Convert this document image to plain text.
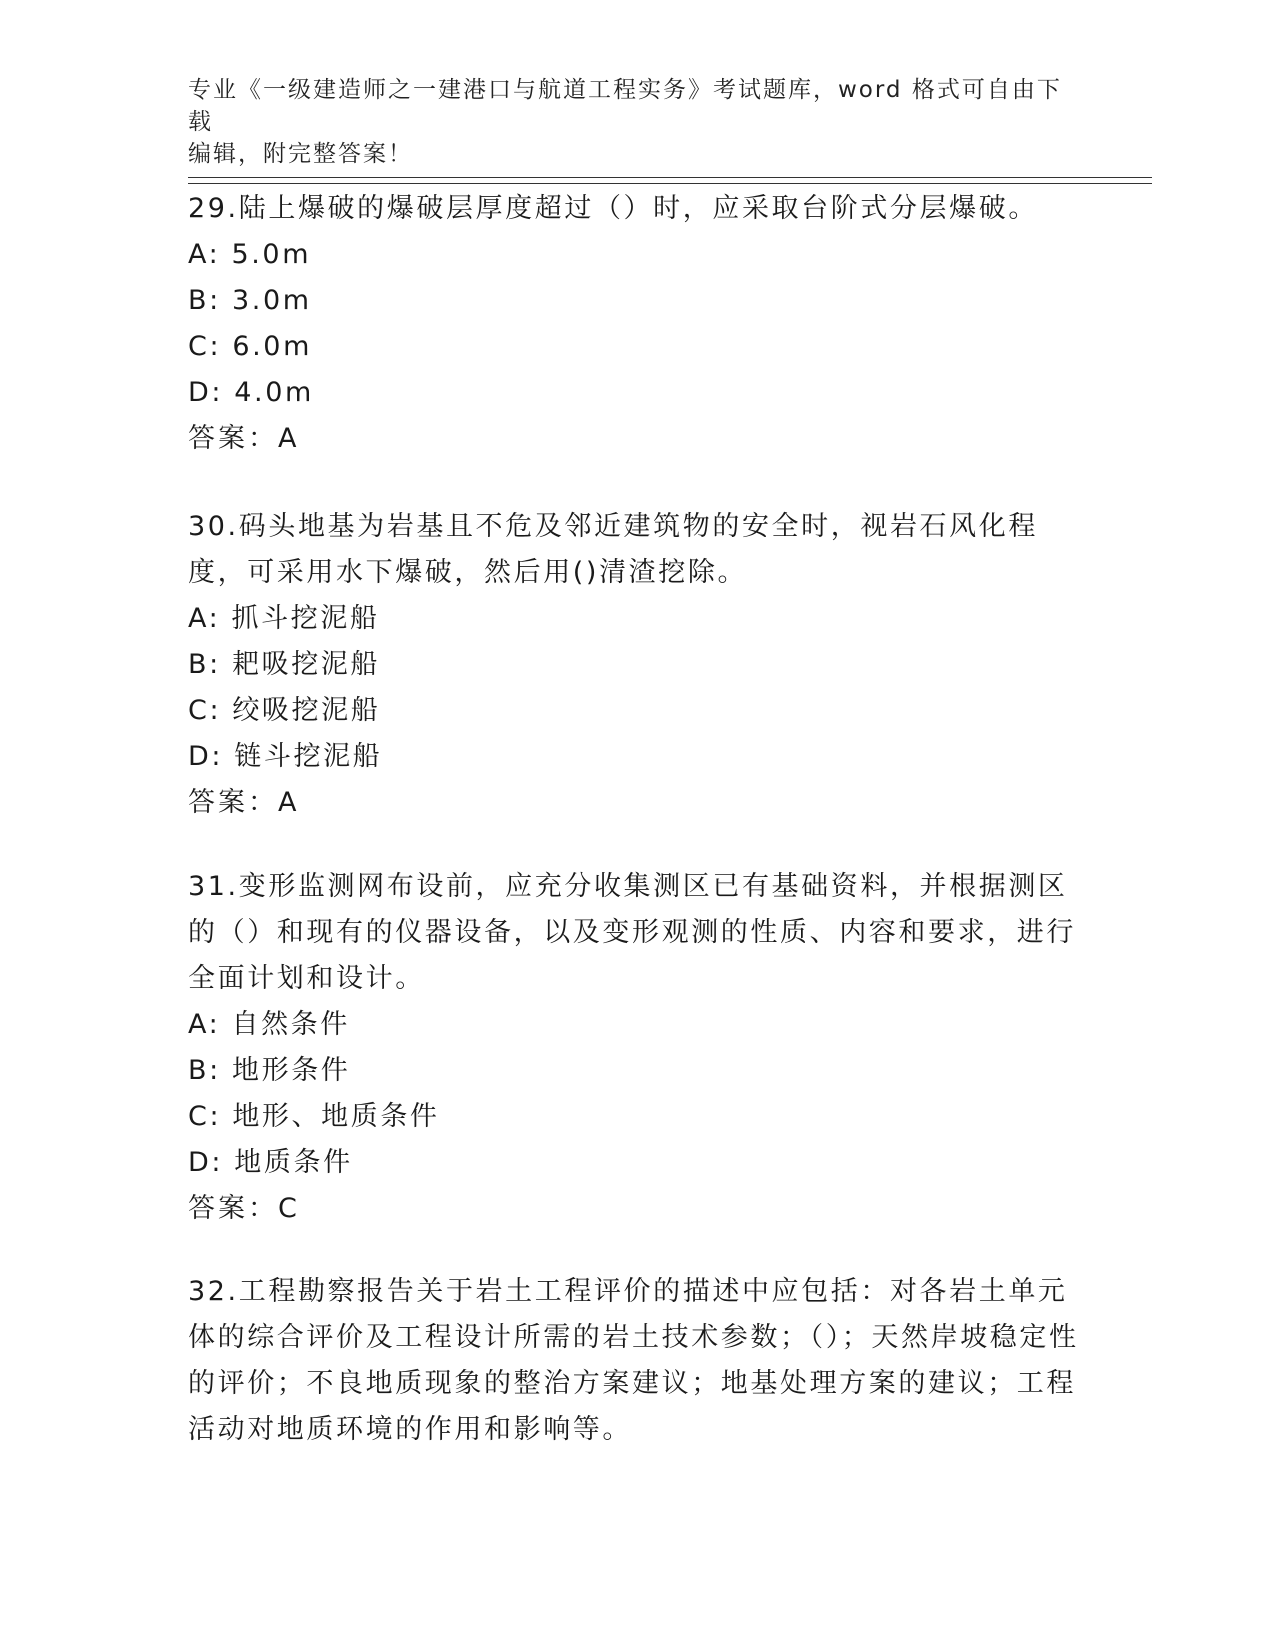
专业《一级建造师之一建港口与航道工程实务》考试题库，word 格式可自由下载
编辑，附完整答案！

29.陆上爆破的爆破层厚度超过（）时，应采取台阶式分层爆破。

A: 5.0m

B: 3.0m

C: 6.0m

D: 4.0m

答案：A

30.码头地基为岩基且不危及邻近建筑物的安全时，视岩石风化程度，可采用水下爆破，然后用()清渣挖除。

A: 抓斗挖泥船

B: 耙吸挖泥船

C: 绞吸挖泥船

D: 链斗挖泥船

答案：A

31.变形监测网布设前，应充分收集测区已有基础资料，并根据测区的（）和现有的仪器设备，以及变形观测的性质、内容和要求，进行全面计划和设计。

A: 自然条件

B: 地形条件

C: 地形、地质条件

D: 地质条件

答案：C

32.工程勘察报告关于岩土工程评价的描述中应包括：对各岩土单元体的综合评价及工程设计所需的岩土技术参数；（）；天然岸坡稳定性的评价；不良地质现象的整治方案建议；地基处理方案的建议；工程活动对地质环境的作用和影响等。
